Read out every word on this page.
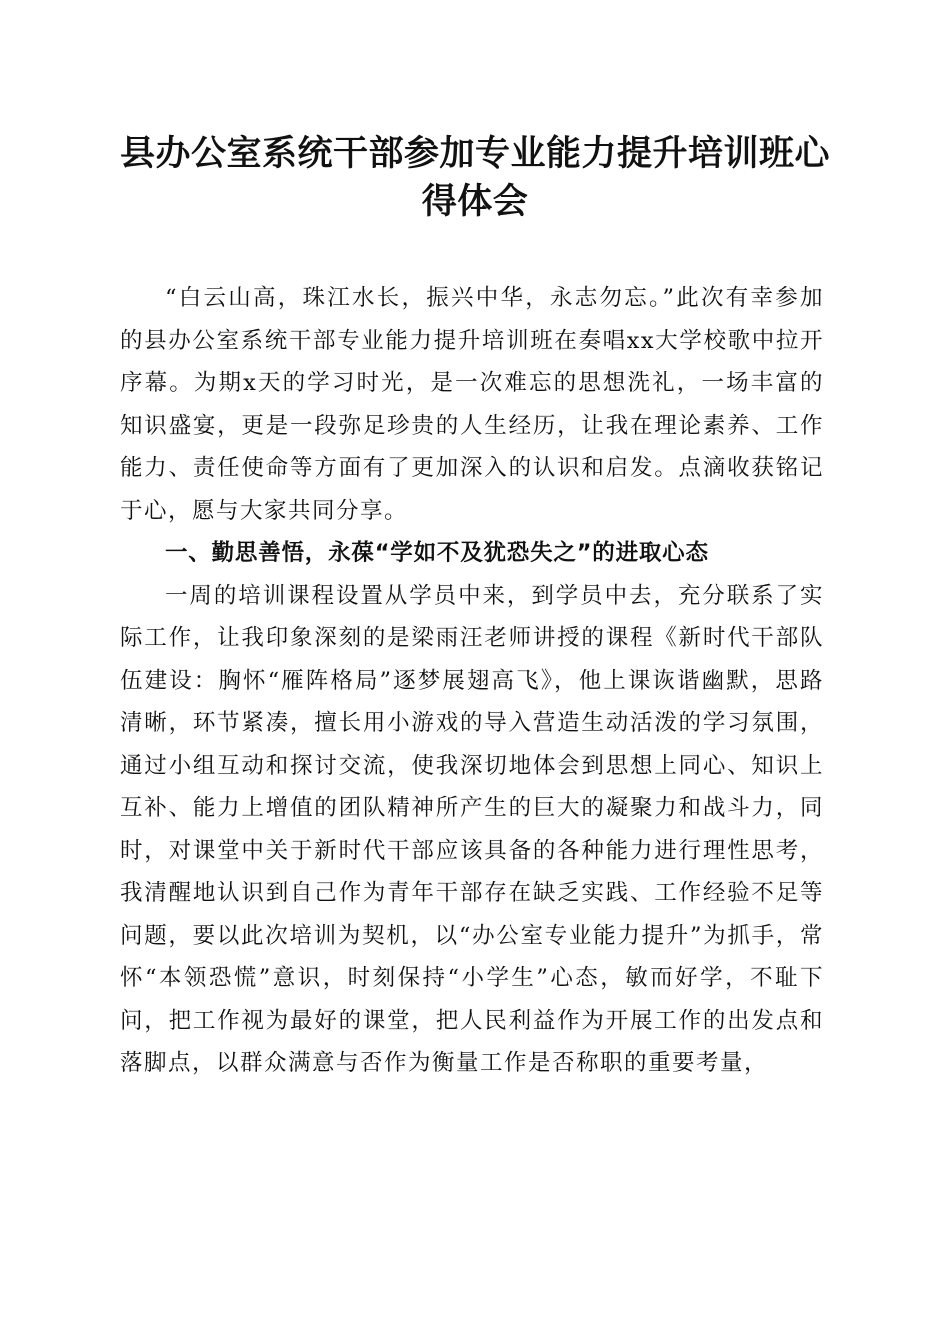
县办公室系统干部参加专业能力提升培训班心
得体会

“白云山高，珠江水长，振兴中华，永志勿忘。”此次有幸参加的县办公室系统干部专业能力提升培训班在奏唱xx大学校歌中拉开序幕。为期x天的学习时光，是一次难忘的思想洗礼，一场丰富的知识盛宴，更是一段弥足珍贵的人生经历，让我在理论素养、工作能力、责任使命等方面有了更加深入的认识和启发。点滴收获铭记于心，愿与大家共同分享。

一、勤思善悟，永葆“学如不及犹恐失之”的进取心态

一周的培训课程设置从学员中来，到学员中去，充分联系了实际工作，让我印象深刻的是梁雨汪老师讲授的课程《新时代干部队伍建设：胸怀“雁阵格局”逐梦展翅高飞》，他上课诙谐幽默，思路清晰，环节紧凑，擅长用小游戏的导入营造生动活泼的学习氛围，通过小组互动和探讨交流，使我深切地体会到思想上同心、知识上互补、能力上增值的团队精神所产生的巨大的凝聚力和战斗力，同时，对课堂中关于新时代干部应该具备的各种能力进行理性思考，我清醒地认识到自己作为青年干部存在缺乏实践、工作经验不足等问题，要以此次培训为契机，以“办公室专业能力提升”为抓手，常怀“本领恐慌”意识，时刻保持“小学生”心态，敏而好学，不耻下问，把工作视为最好的课堂，把人民利益作为开展工作的出发点和落脚点，以群众满意与否作为衡量工作是否称职的重要考量，
